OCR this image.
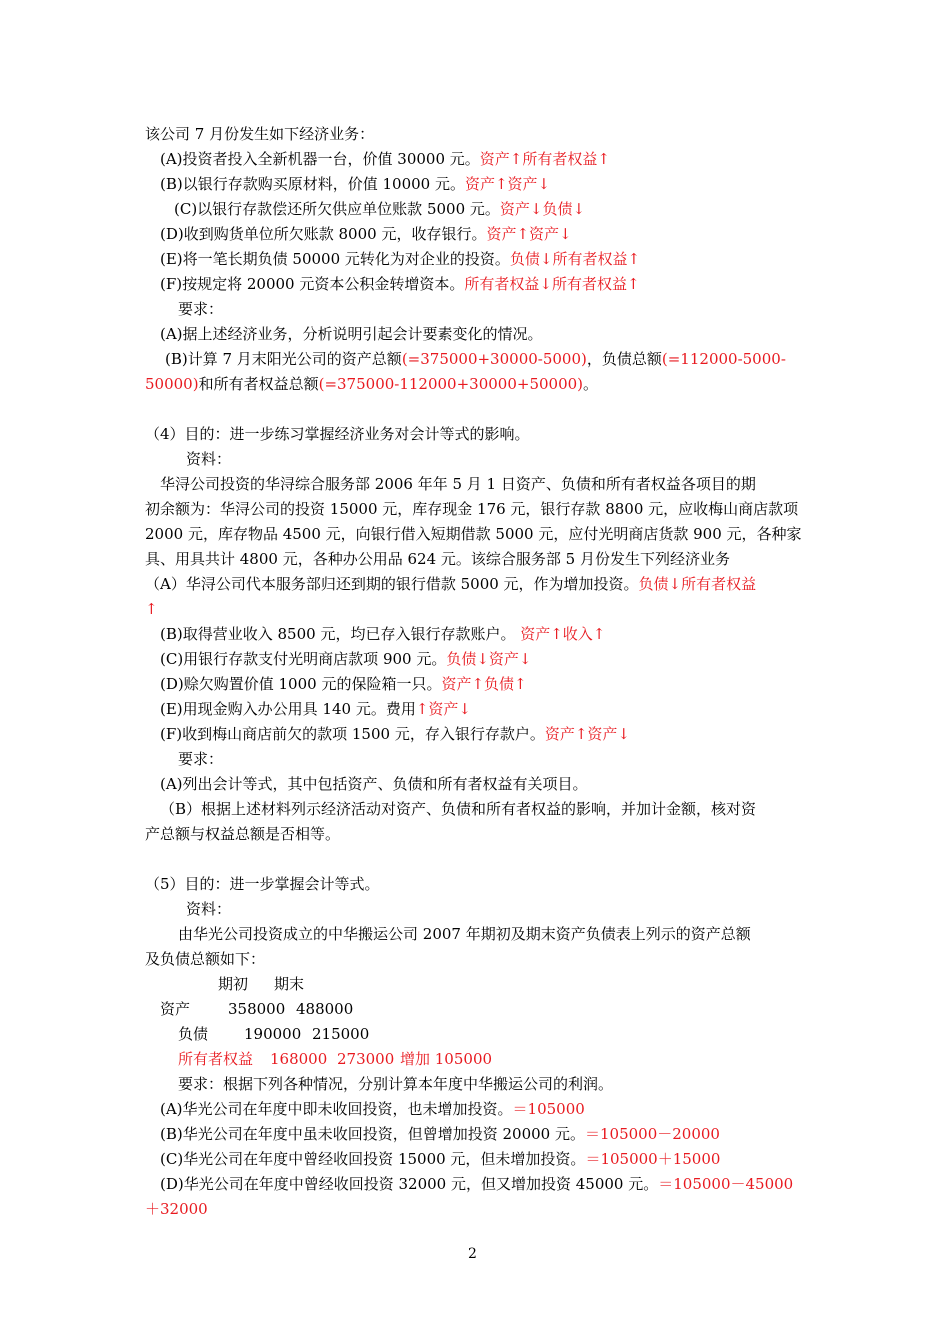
该公司 7 月份发生如下经济业务：
(A)投资者投入全新机器一台，价值 30000 元。资产↑所有者权益↑
(B)以银行存款购买原材料，价值 10000 元。资产↑资产↓
(C)以银行存款偿还所欠供应单位账款 5000 元。资产↓负债↓
(D)收到购货单位所欠账款 8000 元，收存银行。资产↑资产↓
(E)将一笔长期负债 50000 元转化为对企业的投资。负债↓所有者权益↑
(F)按规定将 20000 元资本公积金转增资本。所有者权益↓所有者权益↑
要求：
(A)据上述经济业务，分析说明引起会计要素变化的情况。
(B)计算 7 月末阳光公司的资产总额(=375000+30000-5000)，负债总额(=112000-5000-
50000)和所有者权益总额(=375000-112000+30000+50000)。
（4）目的：进一步练习掌握经济业务对会计等式的影响。
资料：
华浔公司投资的华浔综合服务部 2006 年年 5 月 1 日资产、负债和所有者权益各项目的期
初余额为：华浔公司的投资 15000 元，库存现金 176 元，银行存款 8800 元，应收梅山商店款项
2000 元，库存物品 4500 元，向银行借入短期借款 5000 元，应付光明商店货款 900 元，各种家
具、用具共计 4800 元，各种办公用品 624 元。该综合服务部 5 月份发生下列经济业务
（A）华浔公司代本服务部归还到期的银行借款 5000 元，作为增加投资。负债↓所有者权益
↑
(B)取得营业收入 8500 元，均已存入银行存款账户。 资产↑收入↑
(C)用银行存款支付光明商店款项 900 元。负债↓资产↓
(D)赊欠购置价值 1000 元的保险箱一只。资产↑负债↑
(E)用现金购入办公用具 140 元。费用↑资产↓
(F)收到梅山商店前欠的款项 1500 元，存入银行存款户。资产↑资产↓
要求：
(A)列出会计等式，其中包括资产、负债和所有者权益有关项目。
（B）根据上述材料列示经济活动对资产、负债和所有者权益的影响，并加计金额，核对资
产总额与权益总额是否相等。
（5）目的：进一步掌握会计等式。
资料：
由华光公司投资成立的中华搬运公司 2007 年期初及期末资产负债表上列示的资产总额
及负债总额如下：
期初 期末
资产	358000 488000
负债 190000 215000
所有者权益 168000 273000 增加 105000
要求：根据下列各种情况，分别计算本年度中华搬运公司的利润。
(A)华光公司在年度中即未收回投资，也未增加投资。＝105000
(B)华光公司在年度中虽未收回投资，但曾增加投资 20000 元。＝105000－20000
(C)华光公司在年度中曾经收回投资 15000 元，但未增加投资。＝105000＋15000
(D)华光公司在年度中曾经收回投资 32000 元，但又增加投资 45000 元。＝105000－45000
＋32000
2
